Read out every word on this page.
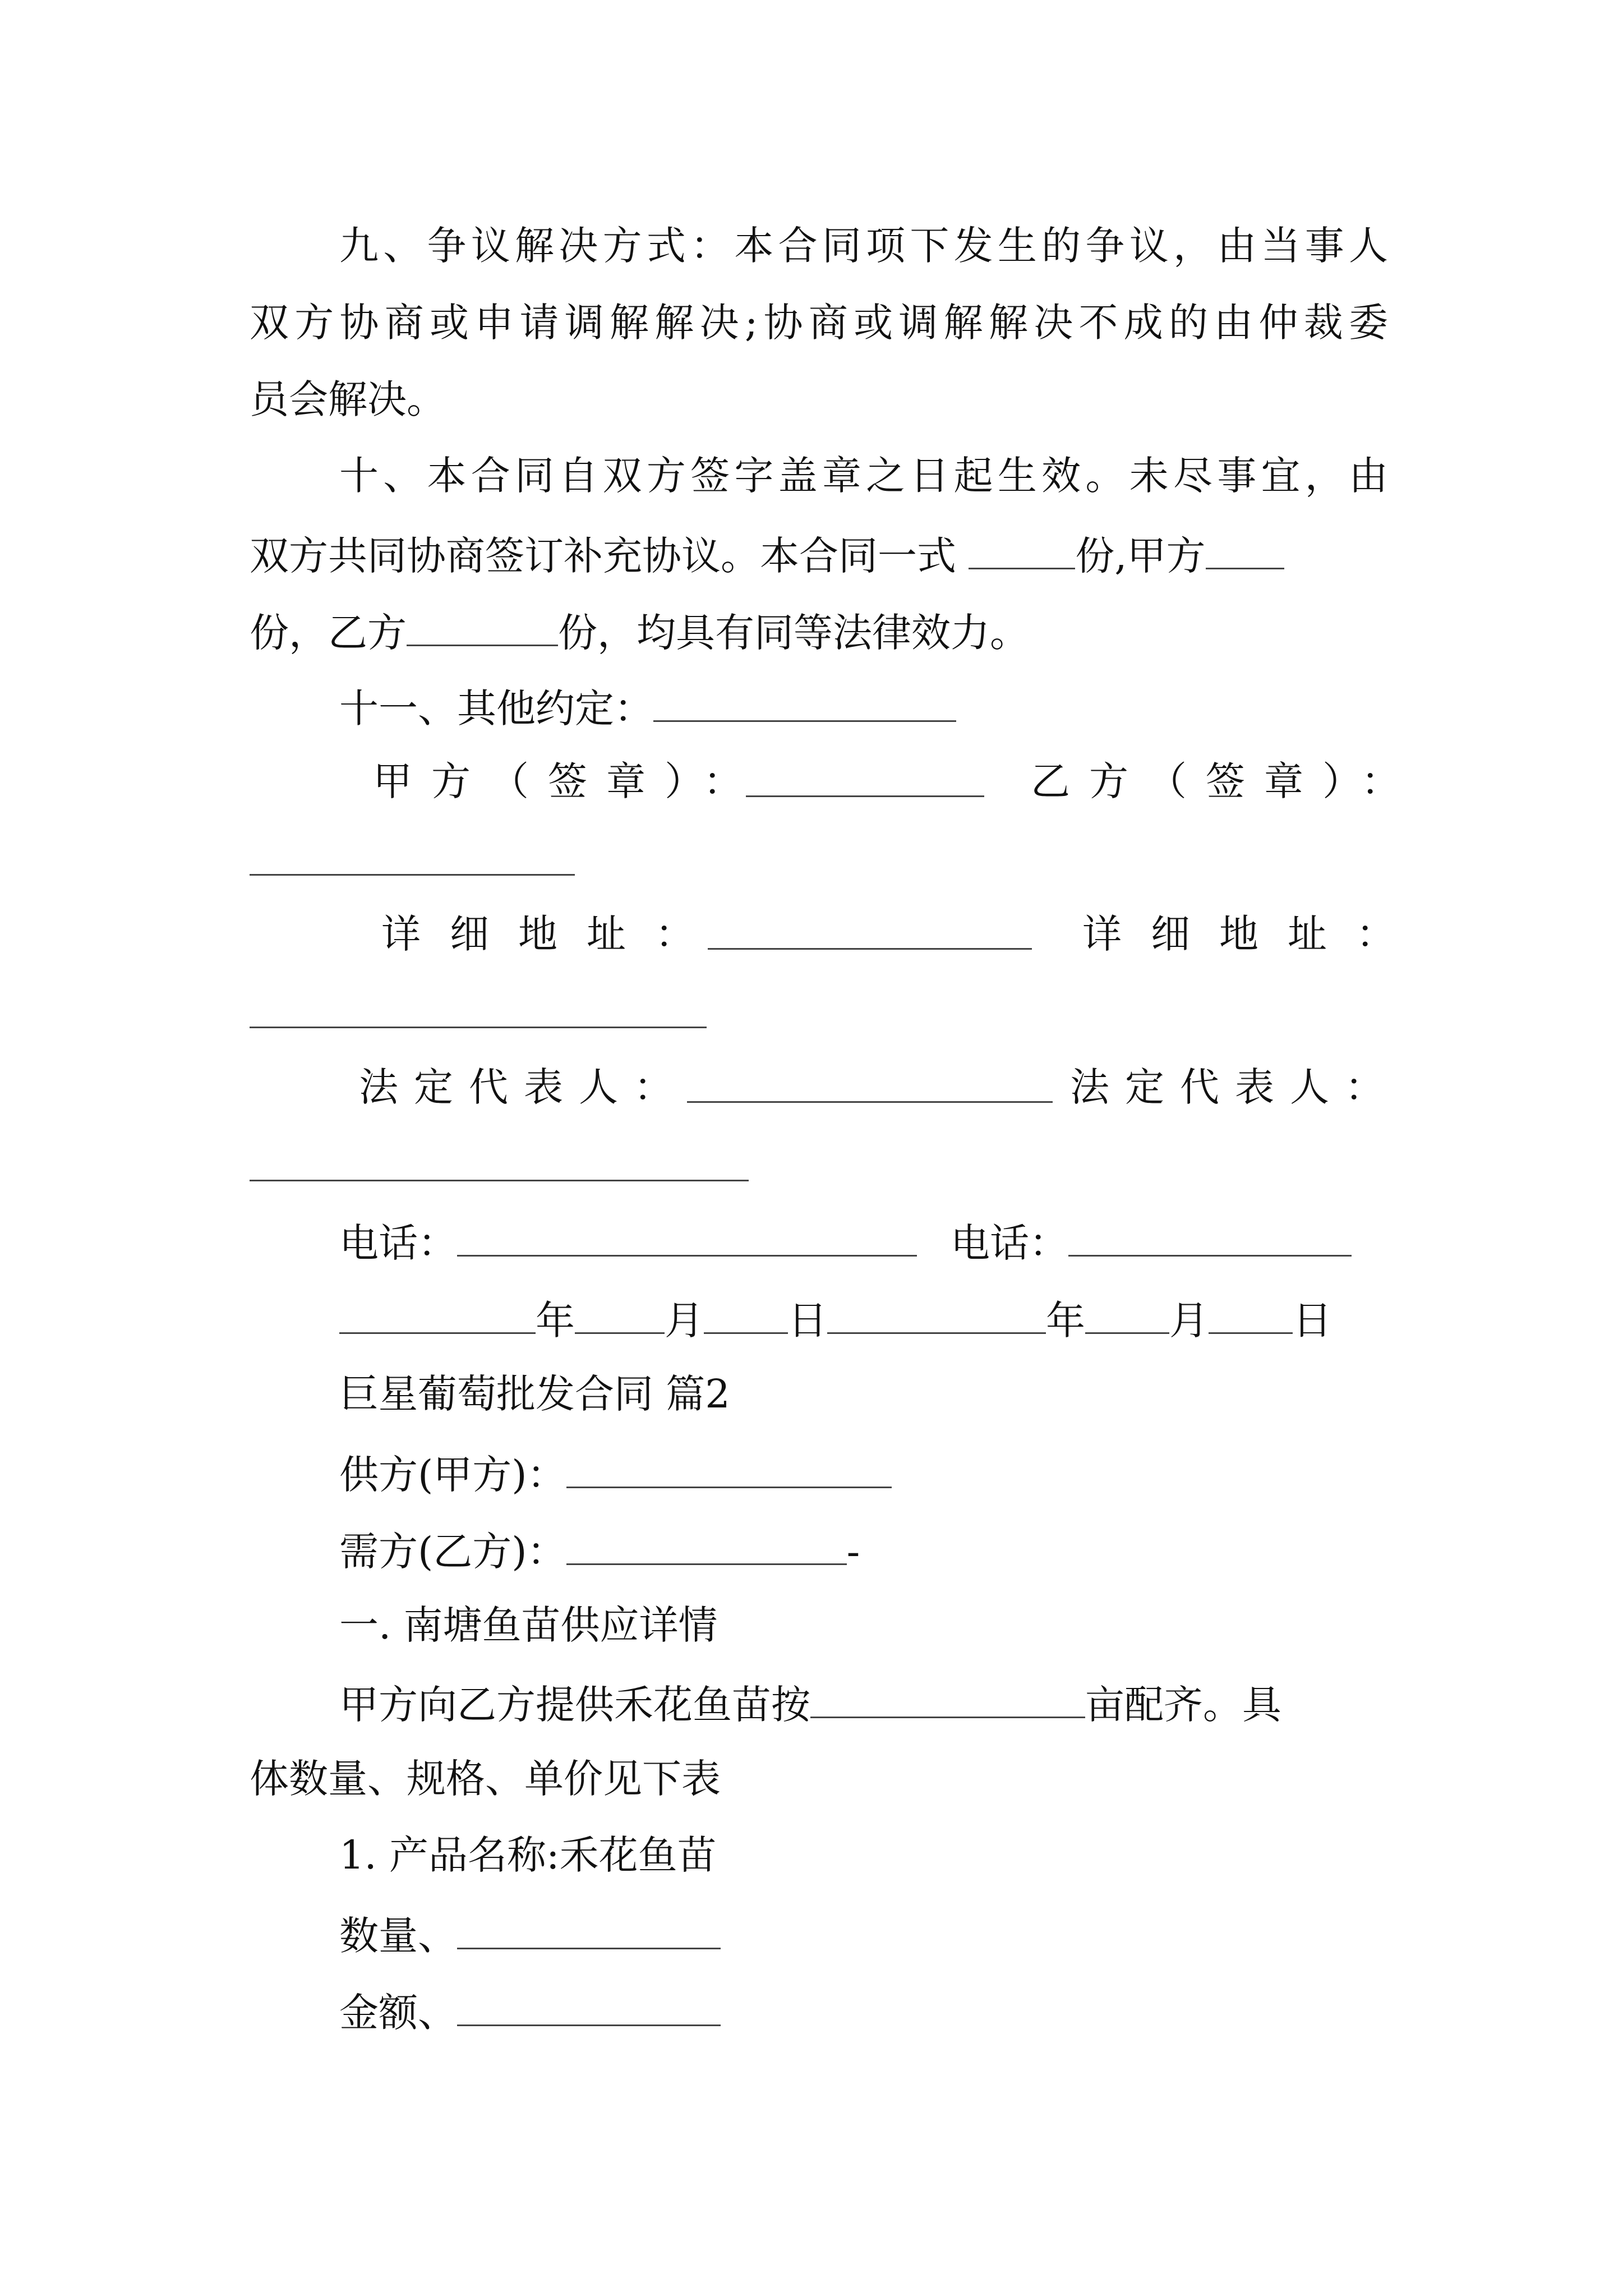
九、争议解决方式：本合同项下发生的争议，由当事人
双方协商或申请调解解决;协商或调解解决不成的由仲裁委
员会解决。
十、本合同自双方签字盖章之日起生效。未尽事宜，由
双方共同协商签订补充协议。本合同一式	份,甲方
份，乙方	份，均具有同等法律效力。
十一、其他约定：
甲方（签章）：	乙方（签章）：
详细地址：	详细地址：
法定代表人：	法定代表人：
电话：	电话：
年 月 日	年 月 日
巨星葡萄批发合同 篇2
供方(甲方)：
需方(乙方)：	-
一. 南塘鱼苗供应详情
甲方向乙方提供禾花鱼苗按	亩配齐。具
体数量、规格、单价见下表
1. 产品名称:禾花鱼苗
数量、
金额、
